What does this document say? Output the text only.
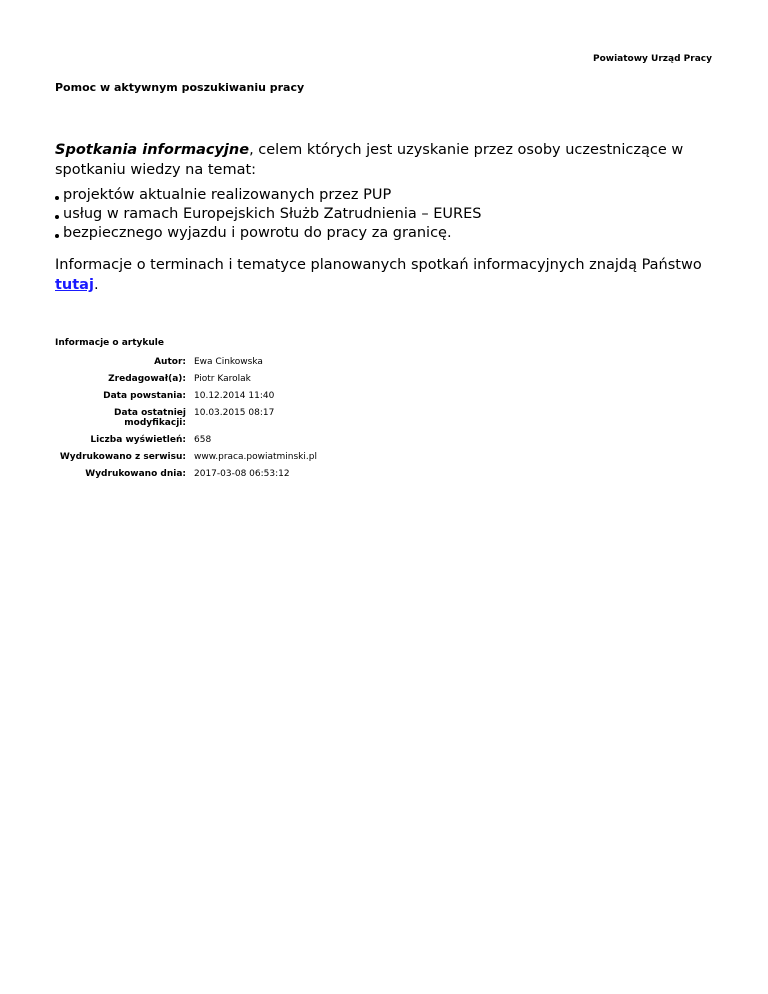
Powiatowy Urząd Pracy
Pomoc w aktywnym poszukiwaniu pracy

Spotkania informacyjne, celem których jest uzyskanie przez osoby uczestniczące w spotkaniu wiedzy na temat:

projektów aktualnie realizowanych przez PUP
usług w ramach Europejskich Służb Zatrudnienia – EURES
bezpiecznego wyjazdu i powrotu do pracy za granicę.

Informacje o terminach i tematyce planowanych spotkań informacyjnych znajdą Państwo tutaj.

Informacje o artykule
Autor:	Ewa Cinkowska
Zredagował(a):	Piotr Karolak
Data powstania:	10.12.2014 11:40
Data ostatniej modyfikacji:	10.03.2015 08:17
Liczba wyświetleń:	658
Wydrukowano z serwisu:	www.praca.powiatminski.pl
Wydrukowano dnia:	2017-03-08 06:53:12
